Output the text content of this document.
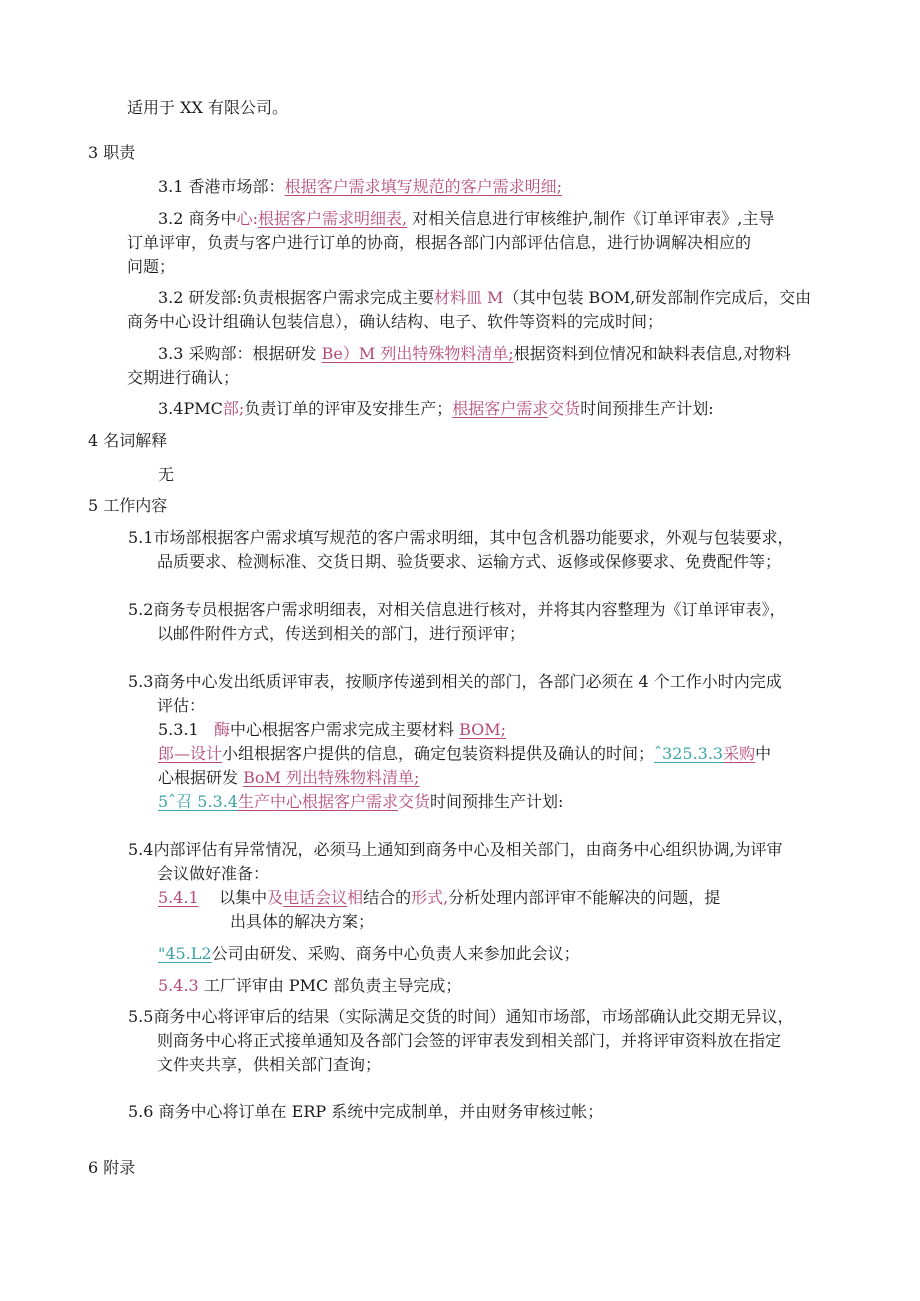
适用于 XX 有限公司。
3 职责
3.1 香港市场部：根据客户需求填写规范的客户需求明细;
3.2 商务中心:根据客户需求明细表, 对相关信息进行审核维护,制作《订单评审表》,主导
订单评审，负责与客户进行订单的协商，根据各部门内部评估信息，进行协调解决相应的
问题；
3.2 研发部:负责根据客户需求完成主要材料皿 M（其中包装 BOM,研发部制作完成后，交由
商务中心设计组确认包装信息），确认结构、电子、软件等资料的完成时间；
3.3 采购部：根据研发 Be）M 列出特殊物料清单;根据资料到位情况和缺料表信息,对物料
交期进行确认；
3.4PMC部;负责订单的评审及安排生产；根据客户需求交货时间预排生产计划:
4 名词解释
无
5 工作内容
5.1市场部根据客户需求填写规范的客户需求明细，其中包含机器功能要求，外观与包装要求，
品质要求、检测标准、交货日期、验货要求、运输方式、返修或保修要求、免费配件等；
5.2商务专员根据客户需求明细表，对相关信息进行核对，并将其内容整理为《订单评审表》，
以邮件附件方式，传送到相关的部门，进行预评审；
5.3商务中心发出纸质评审表，按顺序传递到相关的部门，各部门必须在 4 个工作小时内完成
评估：
5.3.1 酶中心根据客户需求完成主要材料 BOM;
郎—设计小组根据客户提供的信息，确定包装资料提供及确认的时间；ˆ325.3.3采购中
心根据研发 BoM 列出特殊物料清单;
5ˆ召 5.3.4生产中心根据客户需求交货时间预排生产计划:
5.4内部评估有异常情况，必须马上通知到商务中心及相关部门，由商务中心组织协调,为评审
会议做好准备：
5.4.1 以集中及电话会议相结合的形式,分析处理内部评审不能解决的问题，提
出具体的解决方案；
"45.L2公司由研发、采购、商务中心负责人来参加此会议；
5.4.3 工厂评审由 PMC 部负责主导完成；
5.5商务中心将评审后的结果（实际满足交货的时间）通知市场部，市场部确认此交期无异议，
则商务中心将正式接单通知及各部门会签的评审表发到相关部门，并将评审资料放在指定
文件夹共享，供相关部门查询；
5.6 商务中心将订单在 ERP 系统中完成制单，并由财务审核过帐；
6 附录
